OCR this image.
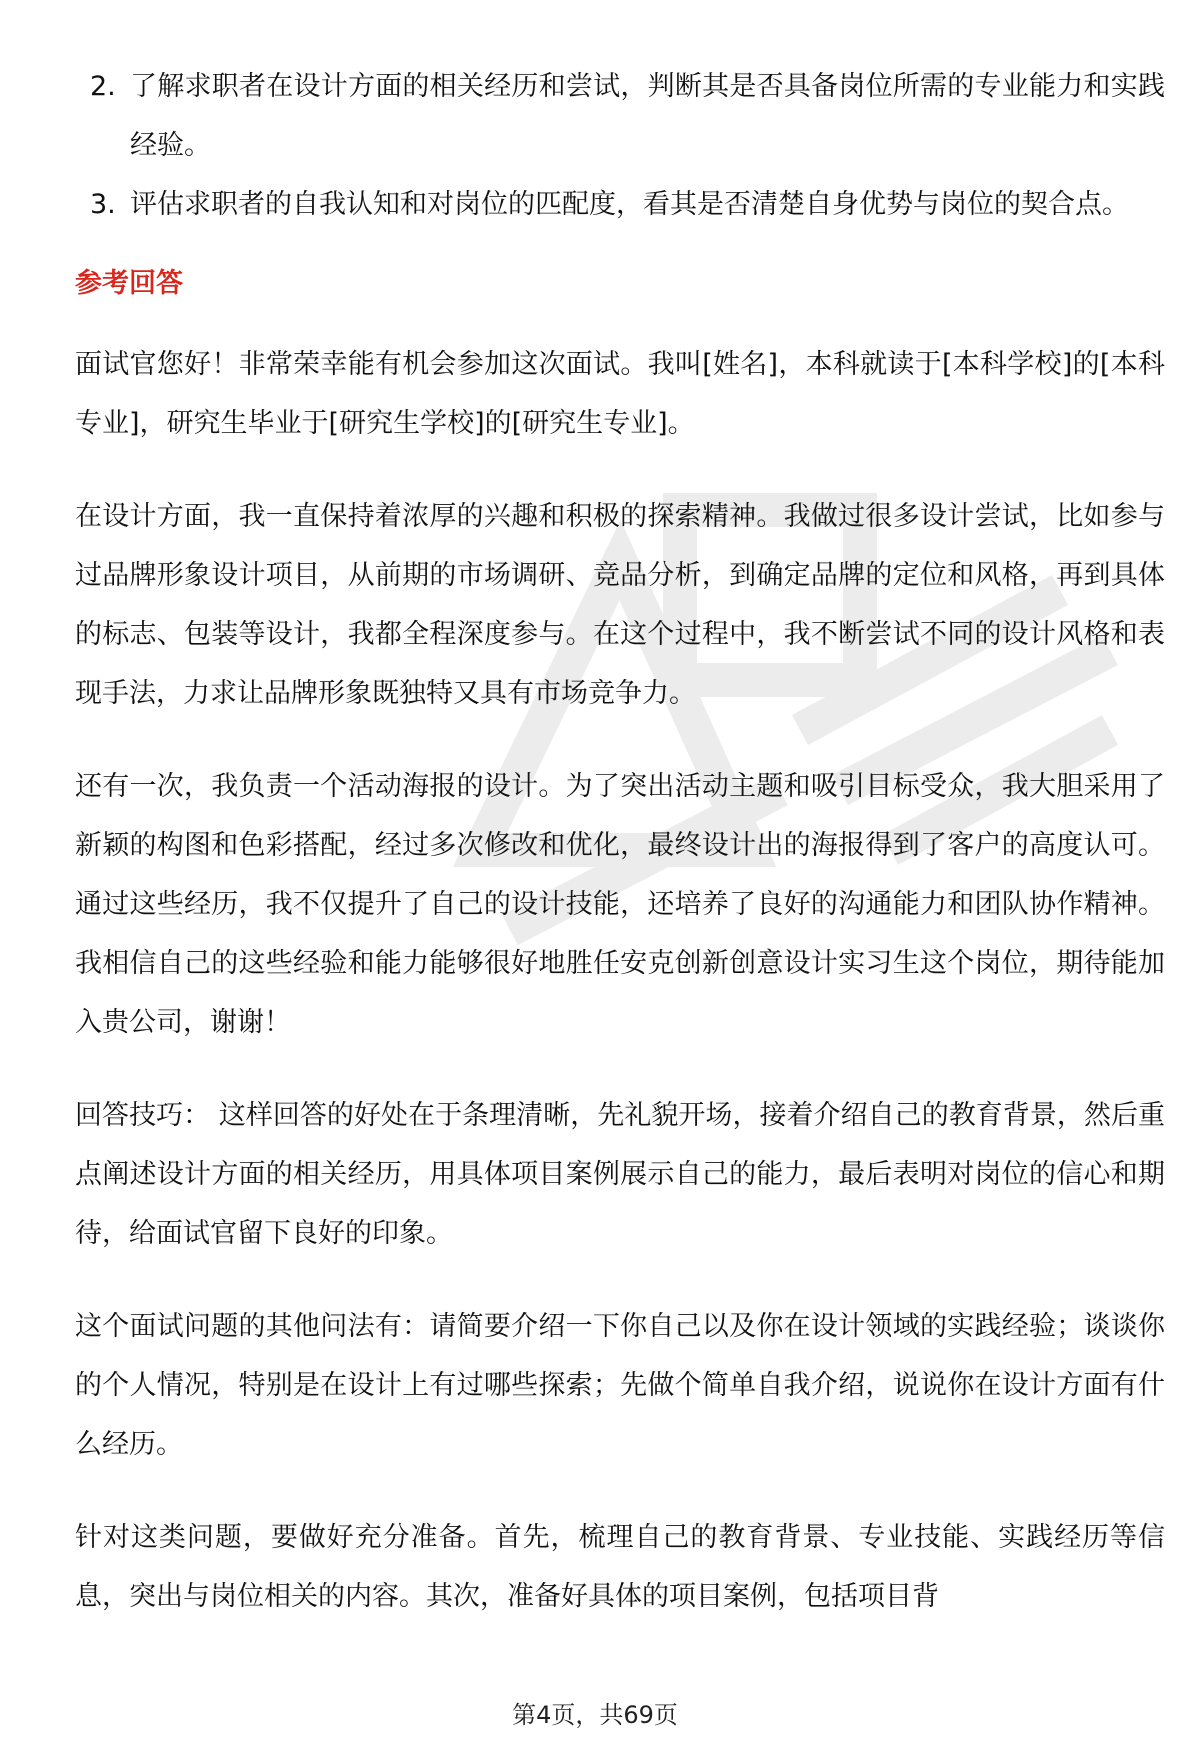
2. 了解求职者在设计方面的相关经历和尝试，判断其是否具备岗位所需的专业能力和实践经验。
3. 评估求职者的自我认知和对岗位的匹配度，看其是否清楚自身优势与岗位的契合点。
参考回答

面试官您好！非常荣幸能有机会参加这次面试。我叫[姓名]，本科就读于[本科学校]的[本科专业]，研究生毕业于[研究生学校]的[研究生专业]。

在设计方面，我一直保持着浓厚的兴趣和积极的探索精神。我做过很多设计尝试，比如参与过品牌形象设计项目，从前期的市场调研、竞品分析，到确定品牌的定位和风格，再到具体的标志、包装等设计，我都全程深度参与。在这个过程中，我不断尝试不同的设计风格和表现手法，力求让品牌形象既独特又具有市场竞争力。

还有一次，我负责一个活动海报的设计。为了突出活动主题和吸引目标受众，我大胆采用了新颖的构图和色彩搭配，经过多次修改和优化，最终设计出的海报得到了客户的高度认可。通过这些经历，我不仅提升了自己的设计技能，还培养了良好的沟通能力和团队协作精神。我相信自己的这些经验和能力能够很好地胜任安克创新创意设计实习生这个岗位，期待能加入贵公司，谢谢！

回答技巧： 这样回答的好处在于条理清晰，先礼貌开场，接着介绍自己的教育背景，然后重点阐述设计方面的相关经历，用具体项目案例展示自己的能力，最后表明对岗位的信心和期待，给面试官留下良好的印象。

这个面试问题的其他问法有：请简要介绍一下你自己以及你在设计领域的实践经验；谈谈你的个人情况，特别是在设计上有过哪些探索；先做个简单自我介绍，说说你在设计方面有什么经历。

针对这类问题，要做好充分准备。首先，梳理自己的教育背景、专业技能、实践经历等信息，突出与岗位相关的内容。其次，准备好具体的项目案例，包括项目背

第4页，共69页
